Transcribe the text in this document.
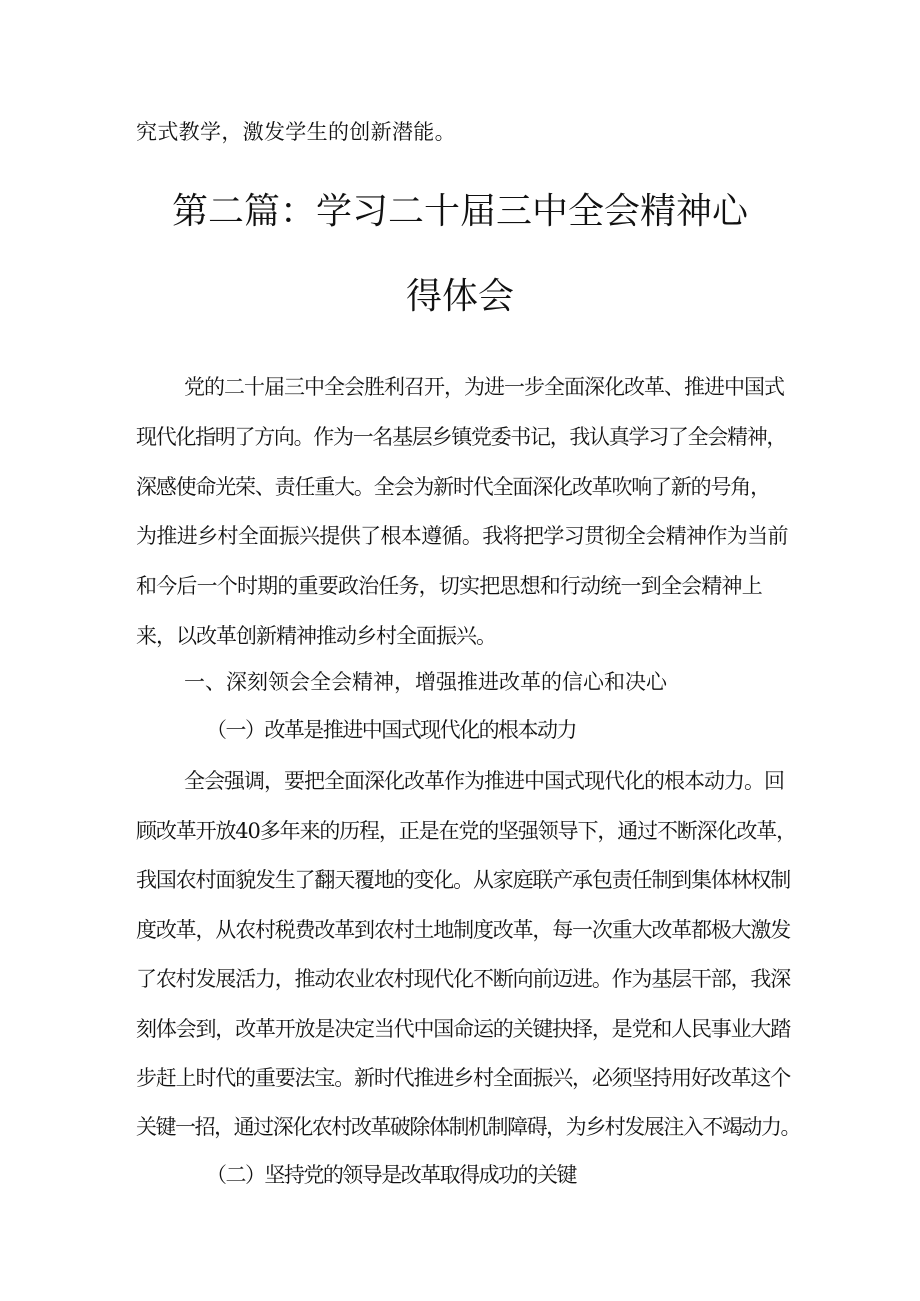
究式教学，激发学生的创新潜能。
第二篇：学习二十届三中全会精神心
得体会
党的二十届三中全会胜利召开，为进一步全面深化改革、推进中国式
现代化指明了方向。作为一名基层乡镇党委书记，我认真学习了全会精神，
深感使命光荣、责任重大。全会为新时代全面深化改革吹响了新的号角，
为推进乡村全面振兴提供了根本遵循。我将把学习贯彻全会精神作为当前
和今后一个时期的重要政治任务，切实把思想和行动统一到全会精神上
来，以改革创新精神推动乡村全面振兴。
一、深刻领会全会精神，增强推进改革的信心和决心
（一）改革是推进中国式现代化的根本动力
全会强调，要把全面深化改革作为推进中国式现代化的根本动力。回
顾改革开放40多年来的历程，正是在党的坚强领导下，通过不断深化改革，
我国农村面貌发生了翻天覆地的变化。从家庭联产承包责任制到集体林权制
度改革，从农村税费改革到农村土地制度改革，每一次重大改革都极大激发
了农村发展活力，推动农业农村现代化不断向前迈进。作为基层干部，我深
刻体会到，改革开放是决定当代中国命运的关键抉择，是党和人民事业大踏
步赶上时代的重要法宝。新时代推进乡村全面振兴，必须坚持用好改革这个
关键一招，通过深化农村改革破除体制机制障碍，为乡村发展注入不竭动力。
（二）坚持党的领导是改革取得成功的关键
